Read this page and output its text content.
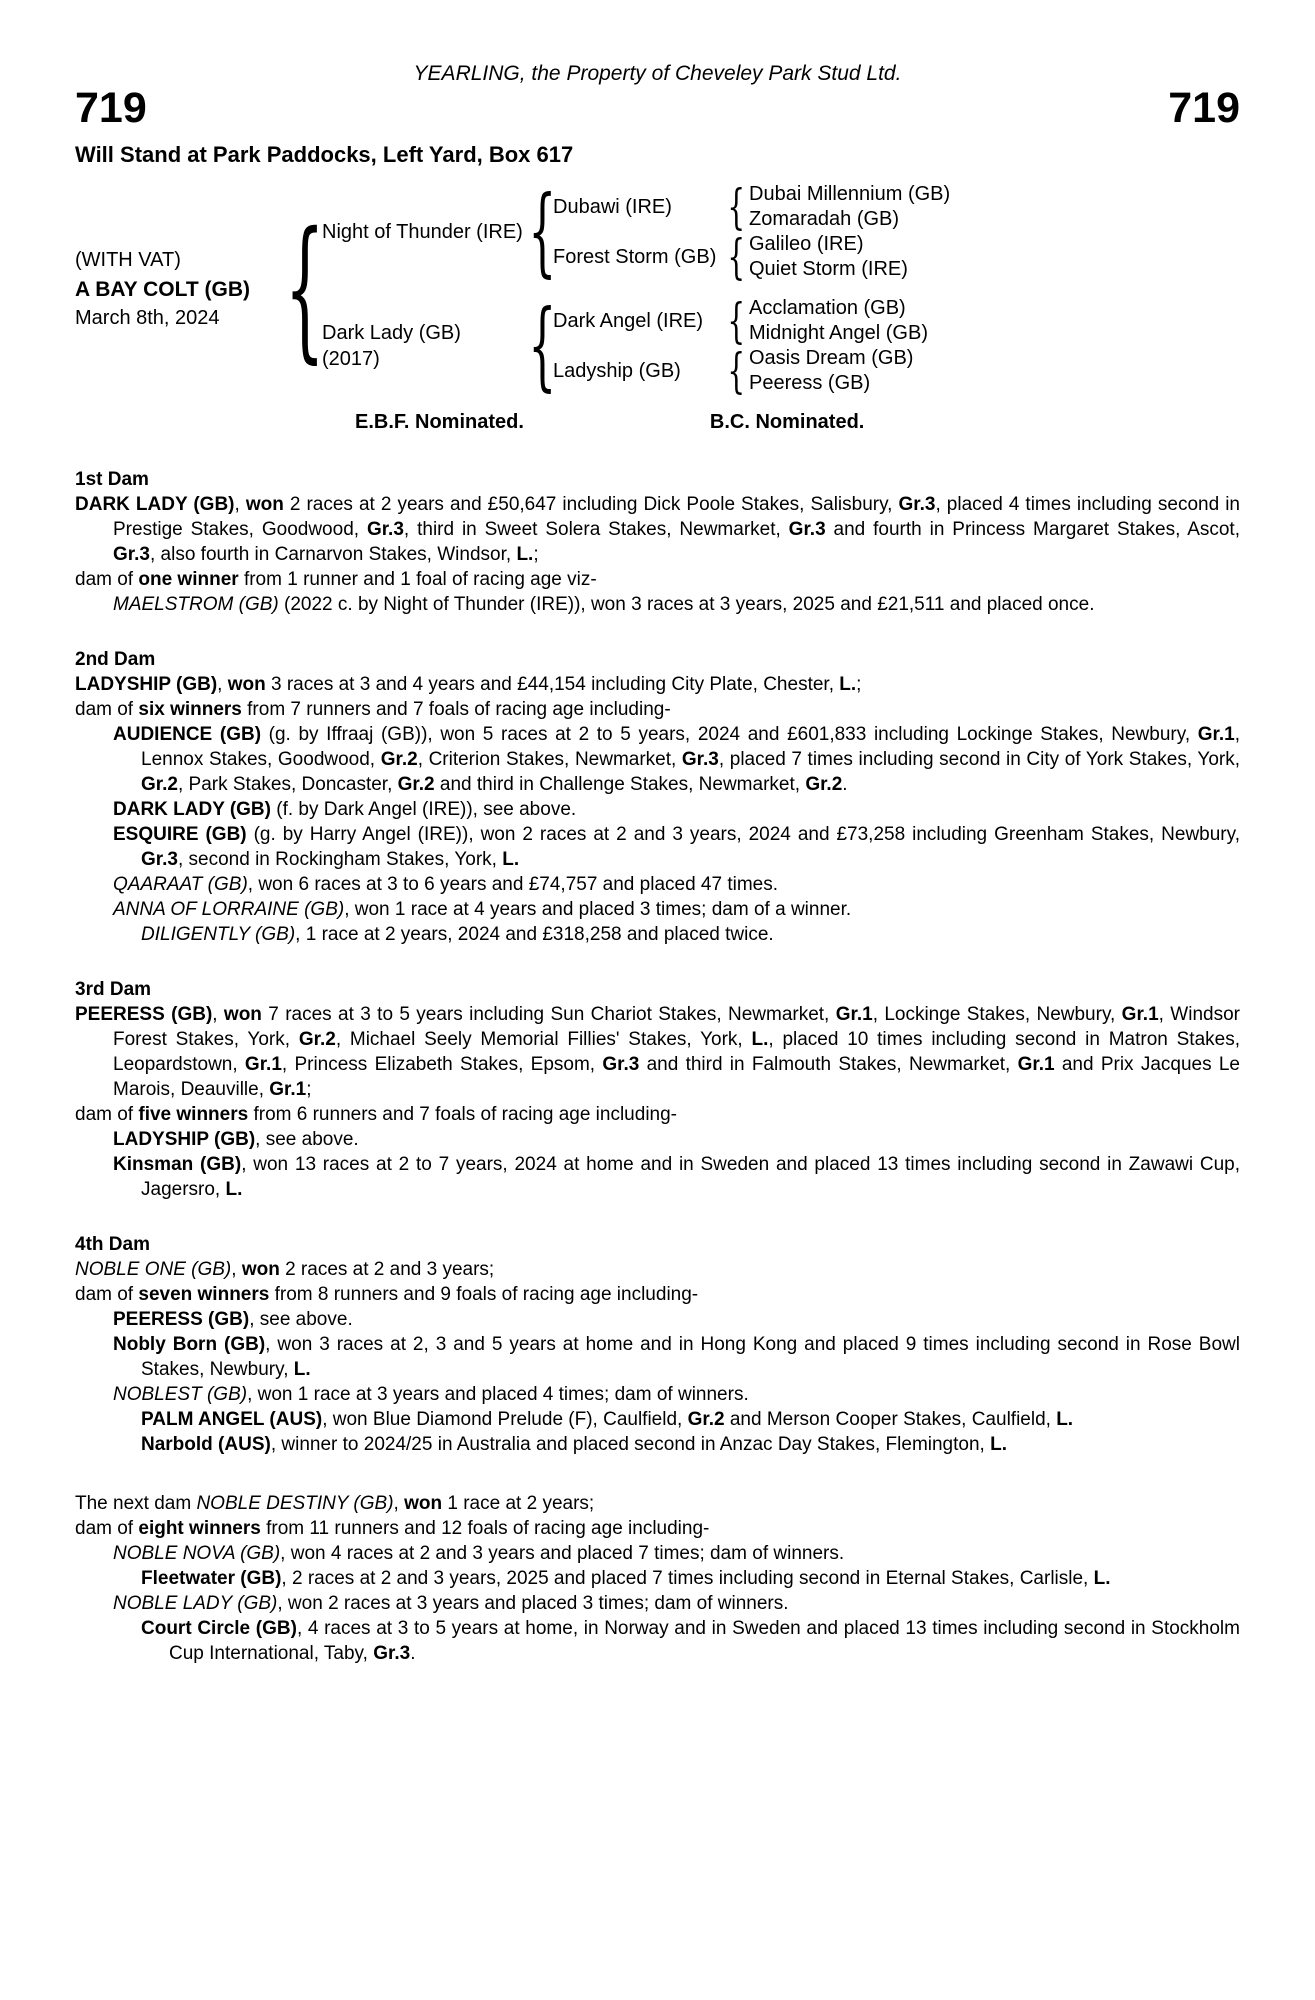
YEARLING, the Property of Cheveley Park Stud Ltd.
719	719
Will Stand at Park Paddocks, Left Yard, Box 617
(WITH VAT)
A BAY COLT (GB)
March 8th, 2024
{
Night of Thunder (IRE)
Dark Lady (GB)
(2017)
{
{
Dubawi (IRE)
Forest Storm (GB)
Dark Angel (IRE)
Ladyship (GB)
{
{
{
{
Dubai Millennium (GB)
Zomaradah (GB)
Galileo (IRE)
Quiet Storm (IRE)
Acclamation (GB)
Midnight Angel (GB)
Oasis Dream (GB)
Peeress (GB)
E.B.F. Nominated.	B.C. Nominated.
1st Dam
DARK LADY (GB), won 2 races at 2 years and £50,647 including Dick Poole Stakes, Salisbury, Gr.3, placed 4 times including second in Prestige Stakes, Goodwood, Gr.3, third in Sweet Solera Stakes, Newmarket, Gr.3 and fourth in Princess Margaret Stakes, Ascot, Gr.3, also fourth in Carnarvon Stakes, Windsor, L.;
dam of one winner from 1 runner and 1 foal of racing age viz-
MAELSTROM (GB) (2022 c. by Night of Thunder (IRE)), won 3 races at 3 years, 2025 and £21,511 and placed once.
2nd Dam
LADYSHIP (GB), won 3 races at 3 and 4 years and £44,154 including City Plate, Chester, L.;
dam of six winners from 7 runners and 7 foals of racing age including-
AUDIENCE (GB) (g. by Iffraaj (GB)), won 5 races at 2 to 5 years, 2024 and £601,833 including Lockinge Stakes, Newbury, Gr.1, Lennox Stakes, Goodwood, Gr.2, Criterion Stakes, Newmarket, Gr.3, placed 7 times including second in City of York Stakes, York, Gr.2, Park Stakes, Doncaster, Gr.2 and third in Challenge Stakes, Newmarket, Gr.2.
DARK LADY (GB) (f. by Dark Angel (IRE)), see above.
ESQUIRE (GB) (g. by Harry Angel (IRE)), won 2 races at 2 and 3 years, 2024 and £73,258 including Greenham Stakes, Newbury, Gr.3, second in Rockingham Stakes, York, L.
QAARAAT (GB), won 6 races at 3 to 6 years and £74,757 and placed 47 times.
ANNA OF LORRAINE (GB), won 1 race at 4 years and placed 3 times; dam of a winner.
DILIGENTLY (GB), 1 race at 2 years, 2024 and £318,258 and placed twice.
3rd Dam
PEERESS (GB), won 7 races at 3 to 5 years including Sun Chariot Stakes, Newmarket, Gr.1, Lockinge Stakes, Newbury, Gr.1, Windsor Forest Stakes, York, Gr.2, Michael Seely Memorial Fillies' Stakes, York, L., placed 10 times including second in Matron Stakes, Leopardstown, Gr.1, Princess Elizabeth Stakes, Epsom, Gr.3 and third in Falmouth Stakes, Newmarket, Gr.1 and Prix Jacques Le Marois, Deauville, Gr.1;
dam of five winners from 6 runners and 7 foals of racing age including-
LADYSHIP (GB), see above.
Kinsman (GB), won 13 races at 2 to 7 years, 2024 at home and in Sweden and placed 13 times including second in Zawawi Cup, Jagersro, L.
4th Dam
NOBLE ONE (GB), won 2 races at 2 and 3 years;
dam of seven winners from 8 runners and 9 foals of racing age including-
PEERESS (GB), see above.
Nobly Born (GB), won 3 races at 2, 3 and 5 years at home and in Hong Kong and placed 9 times including second in Rose Bowl Stakes, Newbury, L.
NOBLEST (GB), won 1 race at 3 years and placed 4 times; dam of winners.
PALM ANGEL (AUS), won Blue Diamond Prelude (F), Caulfield, Gr.2 and Merson Cooper Stakes, Caulfield, L.
Narbold (AUS), winner to 2024/25 in Australia and placed second in Anzac Day Stakes, Flemington, L.
The next dam NOBLE DESTINY (GB), won 1 race at 2 years;
dam of eight winners from 11 runners and 12 foals of racing age including-
NOBLE NOVA (GB), won 4 races at 2 and 3 years and placed 7 times; dam of winners.
Fleetwater (GB), 2 races at 2 and 3 years, 2025 and placed 7 times including second in Eternal Stakes, Carlisle, L.
NOBLE LADY (GB), won 2 races at 3 years and placed 3 times; dam of winners.
Court Circle (GB), 4 races at 3 to 5 years at home, in Norway and in Sweden and placed 13 times including second in Stockholm Cup International, Taby, Gr.3.
